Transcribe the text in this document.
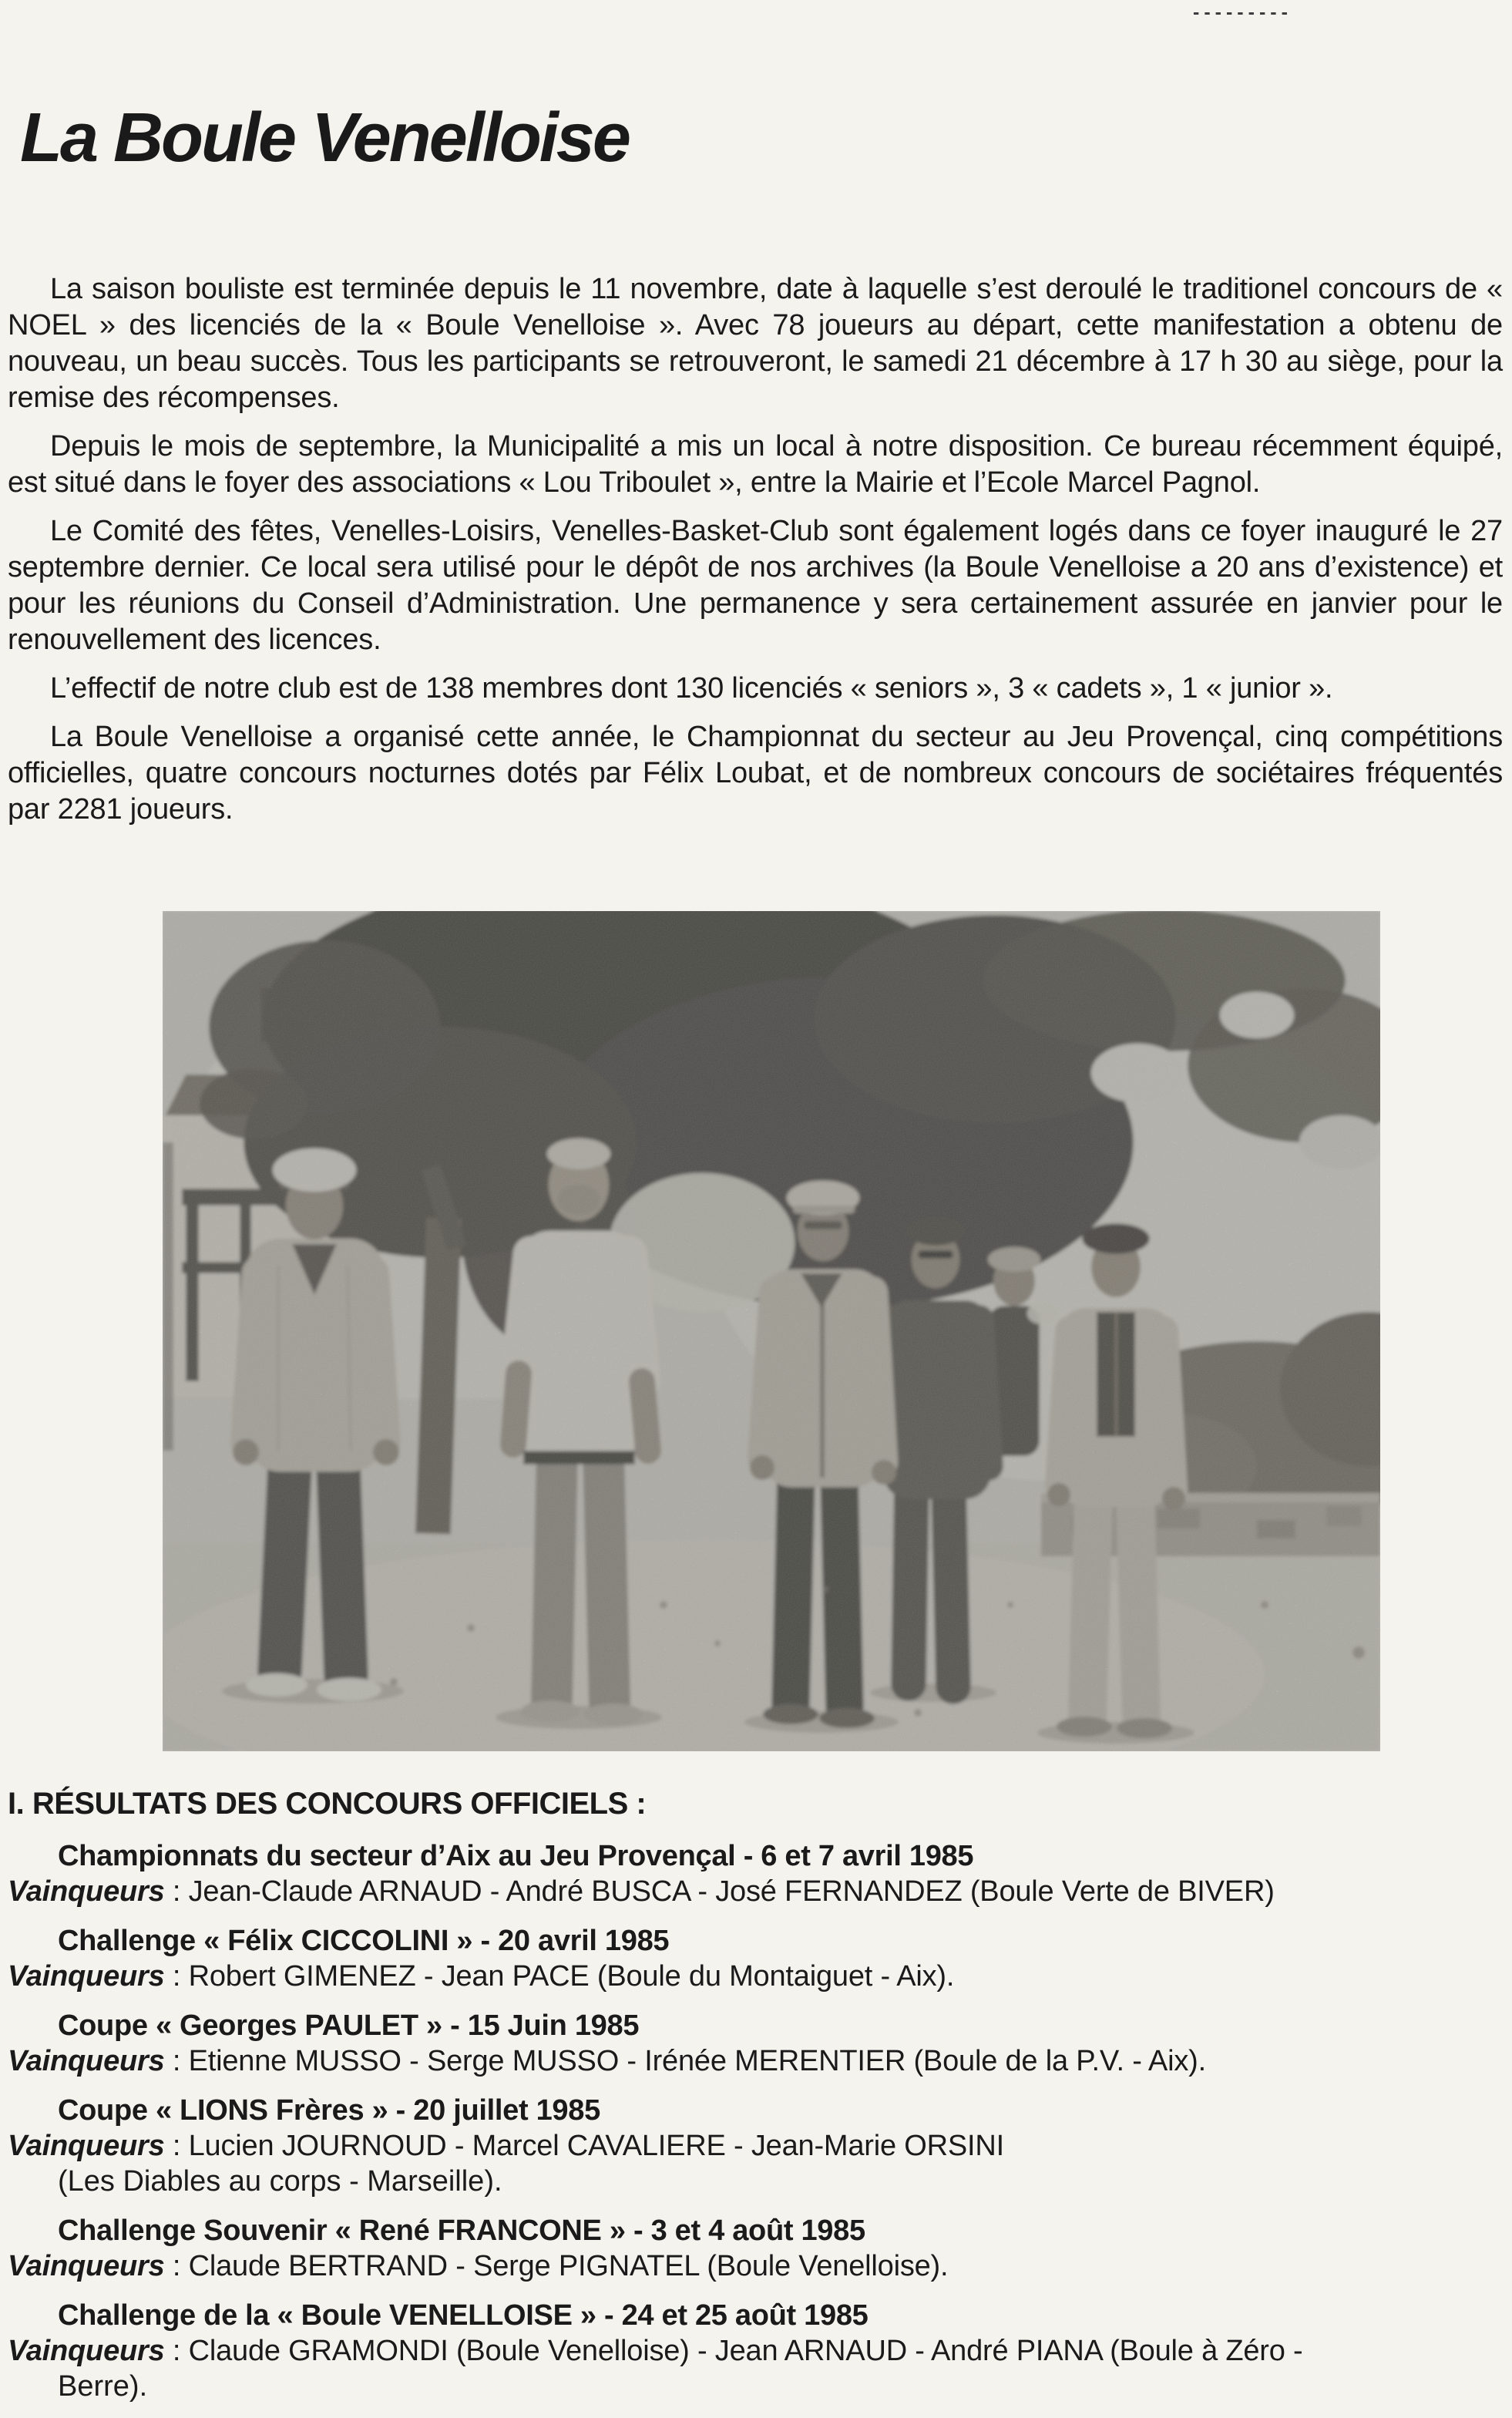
---------
La Boule Venelloise

La saison bouliste est terminée depuis le 11 novembre, date à laquelle s’est deroulé le traditionel concours de « NOEL » des licenciés de la « Boule Venelloise ». Avec 78 joueurs au départ, cette manifestation a obtenu de nouveau, un beau succès. Tous les participants se retrouveront, le samedi 21 décembre à 17 h 30 au siège, pour la remise des récompenses.

Depuis le mois de septembre, la Municipalité a mis un local à notre disposition. Ce bureau récemment équipé, est situé dans le foyer des associations « Lou Triboulet », entre la Mairie et l’Ecole Marcel Pagnol.

Le Comité des fêtes, Venelles-Loisirs, Venelles-Basket-Club sont également logés dans ce foyer inauguré le 27 septembre dernier. Ce local sera utilisé pour le dépôt de nos archives (la Boule Venelloise a 20 ans d’existence) et pour les réunions du Conseil d’Administration. Une permanence y sera certainement assurée en janvier pour le renouvellement des licences.

L’effectif de notre club est de 138 membres dont 130 licenciés « seniors », 3 « cadets », 1 « junior ».

La Boule Venelloise a organisé cette année, le Championnat du secteur au Jeu Provençal, cinq compétitions officielles, quatre concours nocturnes dotés par Félix Loubat, et de nombreux concours de sociétaires fréquentés par 2281 joueurs.

I. RÉSULTATS DES CONCOURS OFFICIELS :
Championnats du secteur d’Aix au Jeu Provençal - 6 et 7 avril 1985
Vainqueurs : Jean-Claude ARNAUD - André BUSCA - José FERNANDEZ (Boule Verte de BIVER)
Challenge « Félix CICCOLINI » - 20 avril 1985
Vainqueurs : Robert GIMENEZ - Jean PACE (Boule du Montaiguet - Aix).
Coupe « Georges PAULET » - 15 Juin 1985
Vainqueurs : Etienne MUSSO - Serge MUSSO - Irénée MERENTIER (Boule de la P.V. - Aix).
Coupe « LIONS Frères » - 20 juillet 1985
Vainqueurs : Lucien JOURNOUD - Marcel CAVALIERE - Jean-Marie ORSINI
(Les Diables au corps - Marseille).
Challenge Souvenir « René FRANCONE » - 3 et 4 août 1985
Vainqueurs : Claude BERTRAND - Serge PIGNATEL (Boule Venelloise).
Challenge de la « Boule VENELLOISE » - 24 et 25 août 1985
Vainqueurs : Claude GRAMONDI (Boule Venelloise) - Jean ARNAUD - André PIANA (Boule à Zéro -
Berre).
